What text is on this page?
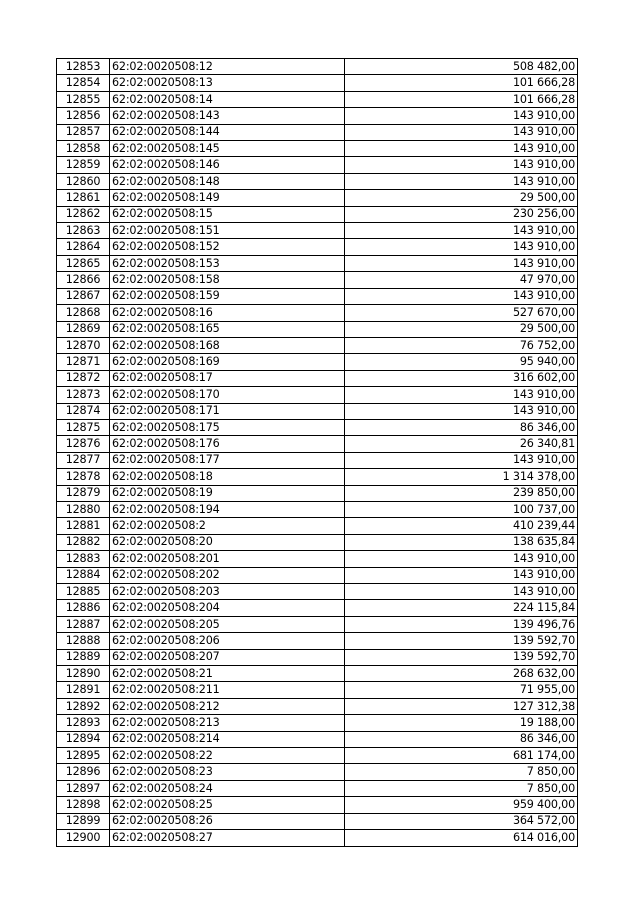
12853	62:02:0020508:12	508 482,00
12854	62:02:0020508:13	101 666,28
12855	62:02:0020508:14	101 666,28
12856	62:02:0020508:143	143 910,00
12857	62:02:0020508:144	143 910,00
12858	62:02:0020508:145	143 910,00
12859	62:02:0020508:146	143 910,00
12860	62:02:0020508:148	143 910,00
12861	62:02:0020508:149	29 500,00
12862	62:02:0020508:15	230 256,00
12863	62:02:0020508:151	143 910,00
12864	62:02:0020508:152	143 910,00
12865	62:02:0020508:153	143 910,00
12866	62:02:0020508:158	47 970,00
12867	62:02:0020508:159	143 910,00
12868	62:02:0020508:16	527 670,00
12869	62:02:0020508:165	29 500,00
12870	62:02:0020508:168	76 752,00
12871	62:02:0020508:169	95 940,00
12872	62:02:0020508:17	316 602,00
12873	62:02:0020508:170	143 910,00
12874	62:02:0020508:171	143 910,00
12875	62:02:0020508:175	86 346,00
12876	62:02:0020508:176	26 340,81
12877	62:02:0020508:177	143 910,00
12878	62:02:0020508:18	1 314 378,00
12879	62:02:0020508:19	239 850,00
12880	62:02:0020508:194	100 737,00
12881	62:02:0020508:2	410 239,44
12882	62:02:0020508:20	138 635,84
12883	62:02:0020508:201	143 910,00
12884	62:02:0020508:202	143 910,00
12885	62:02:0020508:203	143 910,00
12886	62:02:0020508:204	224 115,84
12887	62:02:0020508:205	139 496,76
12888	62:02:0020508:206	139 592,70
12889	62:02:0020508:207	139 592,70
12890	62:02:0020508:21	268 632,00
12891	62:02:0020508:211	71 955,00
12892	62:02:0020508:212	127 312,38
12893	62:02:0020508:213	19 188,00
12894	62:02:0020508:214	86 346,00
12895	62:02:0020508:22	681 174,00
12896	62:02:0020508:23	7 850,00
12897	62:02:0020508:24	7 850,00
12898	62:02:0020508:25	959 400,00
12899	62:02:0020508:26	364 572,00
12900	62:02:0020508:27	614 016,00
